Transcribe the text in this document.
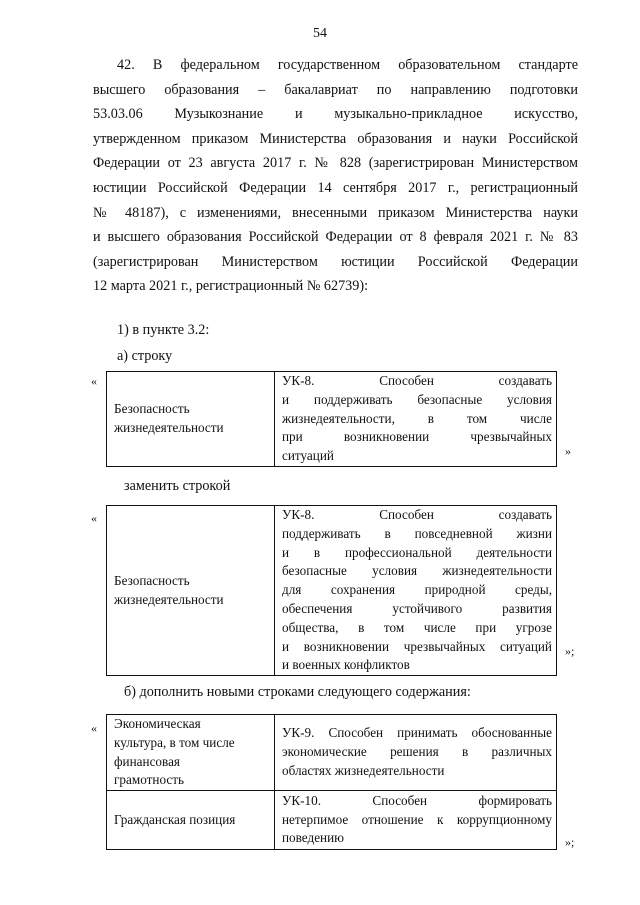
54
42. В федеральном государственном образовательном стандарте
высшего образования – бакалавриат по направлению подготовки
53.03.06 Музыкознание и музыкально-прикладное искусство,
утвержденном приказом Министерства образования и науки Российской
Федерации от 23 августа 2017 г. № 828 (зарегистрирован Министерством
юстиции Российской Федерации 14 сентября 2017 г., регистрационный
№ 48187), с изменениями, внесенными приказом Министерства науки
и высшего образования Российской Федерации от 8 февраля 2021 г. № 83
(зарегистрирован Министерством юстиции Российской Федерации
12 марта 2021 г., регистрационный № 62739):
1) в пункте 3.2:
а) строку
«
Безопасность жизнедеятельности	
УК-8. Способен создавать
и поддерживать безопасные условия
жизнедеятельности, в том числе
при возникновении чрезвычайных
ситуаций	»
заменить строкой
«
Безопасность жизнедеятельности	
УК-8. Способен создавать
поддерживать в повседневной жизни
и в профессиональной деятельности
безопасные условия жизнедеятельности
для сохранения природной среды,
обеспечения устойчивого развития
общества, в том числе при угрозе
и возникновении чрезвычайных ситуаций
и военных конфликтов
»;
б) дополнить новыми строками следующего содержания:
« Экономическая
культура, в том числе
финансовая
грамотность	УК-9. Способен принимать обоснованные
экономические решения в различных
областях жизнедеятельности

Гражданская позиция	УК-10. Способен формировать
нетерпимое отношение к коррупционному
поведению	»;
